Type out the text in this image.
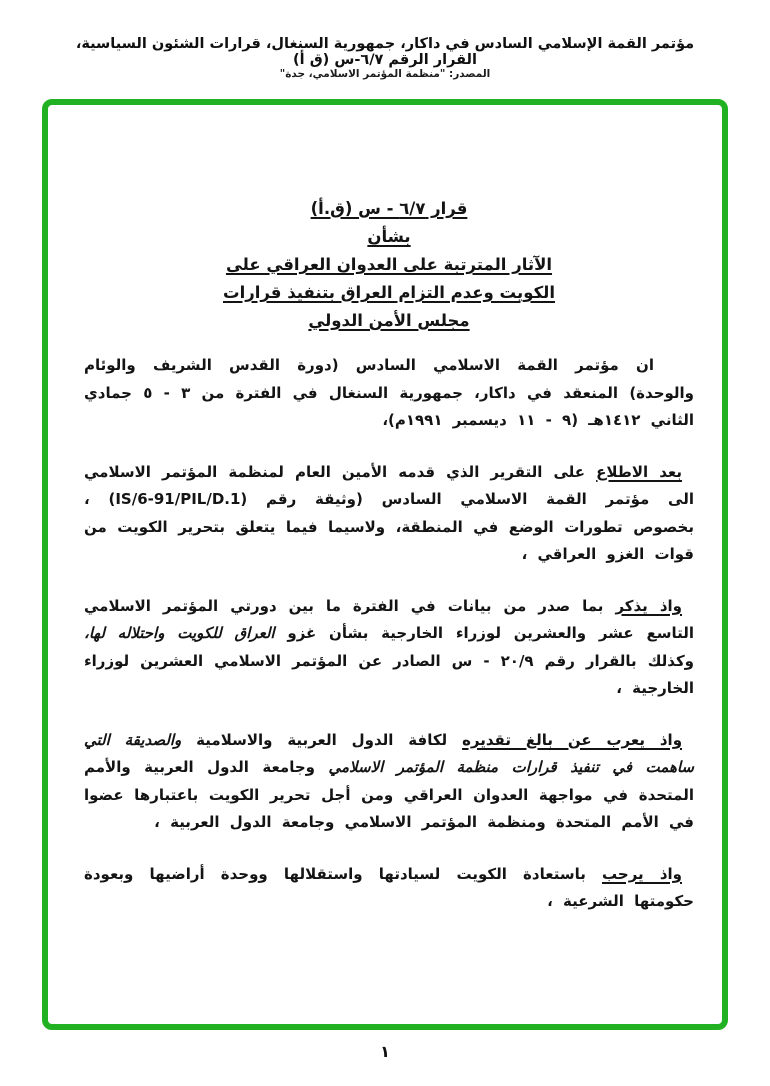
مؤتمر القمة الإسلامي السادس في داكار، جمهورية السنغال، قرارات الشئون السياسية، القرار الرقم ٦/٧-س (ق أ)
المصدر: "منظمة المؤتمر الاسلامي، جدة"
قرار ٦/٧ - س (ق.أ)
بشأن
الآثار المترتبة على العدوان العراقي على
الكويت وعدم التزام العراق بتنفيذ قرارات
مجلس الأمن الدولي

ان مؤتمر القمة الاسلامي السادس (دورة القدس الشريف والوئام والوحدة) المنعقد في داكار، جمهورية السنغال في الفترة من ٣ - ٥ جمادي الثاني ١٤١٢هـ (٩ - ١١ ديسمبر ١٩٩١م)،

بعد الاطلاع على التقرير الذي قدمه الأمين العام لمنظمة المؤتمر الاسلامي الى مؤتمر القمة الاسلامي السادس (وثيقة رقم (IS/6-91/PIL/D.1) ، بخصوص تطورات الوضع في المنطقة، ولاسيما فيما يتعلق بتحرير الكويت من قوات الغزو العراقي ،

واذ يذكر بما صدر من بيانات في الفترة ما بين دورتي المؤتمر الاسلامي التاسع عشر والعشرين لوزراء الخارجية بشأن غزو العراق للكويت واحتلاله لها، وكذلك بالقرار رقم ٢٠/٩ - س الصادر عن المؤتمر الاسلامي العشرين لوزراء الخارجية ،

واذ يعرب عن بالغ تقديره لكافة الدول العربية والاسلامية والصديقة التي ساهمت في تنفيذ قرارات منظمة المؤتمر الاسلامي وجامعة الدول العربية والأمم المتحدة في مواجهة العدوان العراقي ومن أجل تحرير الكويت باعتبارها عضوا في الأمم المتحدة ومنظمة المؤتمر الاسلامي وجامعة الدول العربية ،

واذ يرحب باستعادة الكويت لسيادتها واستقلالها ووحدة أراضيها وبعودة حكومتها الشرعية ،

١
